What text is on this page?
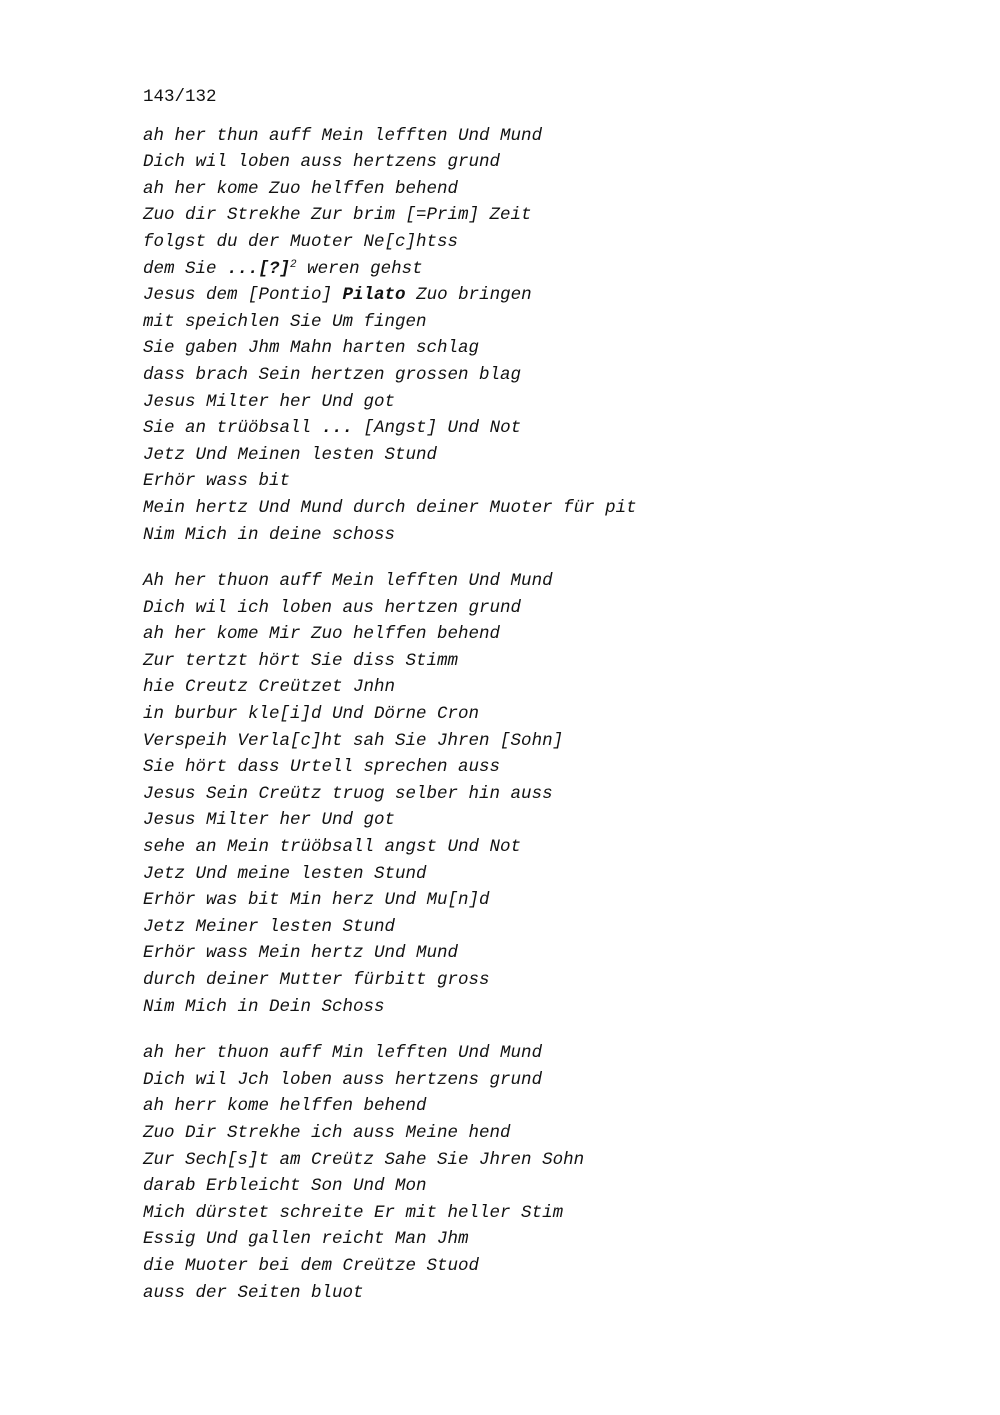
143/132
ah her thun auff Mein lefften Und Mund
Dich wil loben auss hertzens grund
ah her kome Zuo helffen behend
Zuo dir Strekhe Zur brim [=Prim] Zeit
folgst du der Muoter Ne[c]htss
dem Sie ...[?]$^2$ weren gehst
Jesus dem [Pontio] Pilato Zuo bringen
mit speichlen Sie Um fingen
Sie gaben Jhm Mahn harten schlag
dass brach Sein hertzen grossen blag
Jesus Milter her Und got
Sie an trüöbsall ... [Angst] Und Not
Jetz Und Meinen lesten Stund
Erhör wass bit
Mein hertz Und Mund durch deiner Muoter für pit
Nim Mich in deine schoss
Ah her thuon auff Mein lefften Und Mund
Dich wil ich loben aus hertzen grund
ah her kome Mir Zuo helffen behend
Zur tertzt hört Sie diss Stimm
hie Creutz Creützet Jnhn
in burbur kle[i]d Und Dörne Cron
Verspeih Verla[c]ht sah Sie Jhren [Sohn]
Sie hört dass Urtell sprechen auss
Jesus Sein Creütz truog selber hin auss
Jesus Milter her Und got
sehe an Mein trüöbsall angst Und Not
Jetz Und meine lesten Stund
Erhör was bit Min herz Und Mu[n]d
Jetz Meiner lesten Stund
Erhör wass Mein hertz Und Mund
durch deiner Mutter fürbitt gross
Nim Mich in Dein Schoss
ah her thuon auff Min lefften Und Mund
Dich wil Jch loben auss hertzens grund
ah herr kome helffen behend
Zuo Dir Strekhe ich auss Meine hend
Zur Sech[s]t am Creütz Sahe Sie Jhren Sohn
darab Erbleicht Son Und Mon
Mich dürstet schreite Er mit heller Stim
Essig Und gallen reicht Man Jhm
die Muoter bei dem Creütze Stuod
auss der Seiten bluot
